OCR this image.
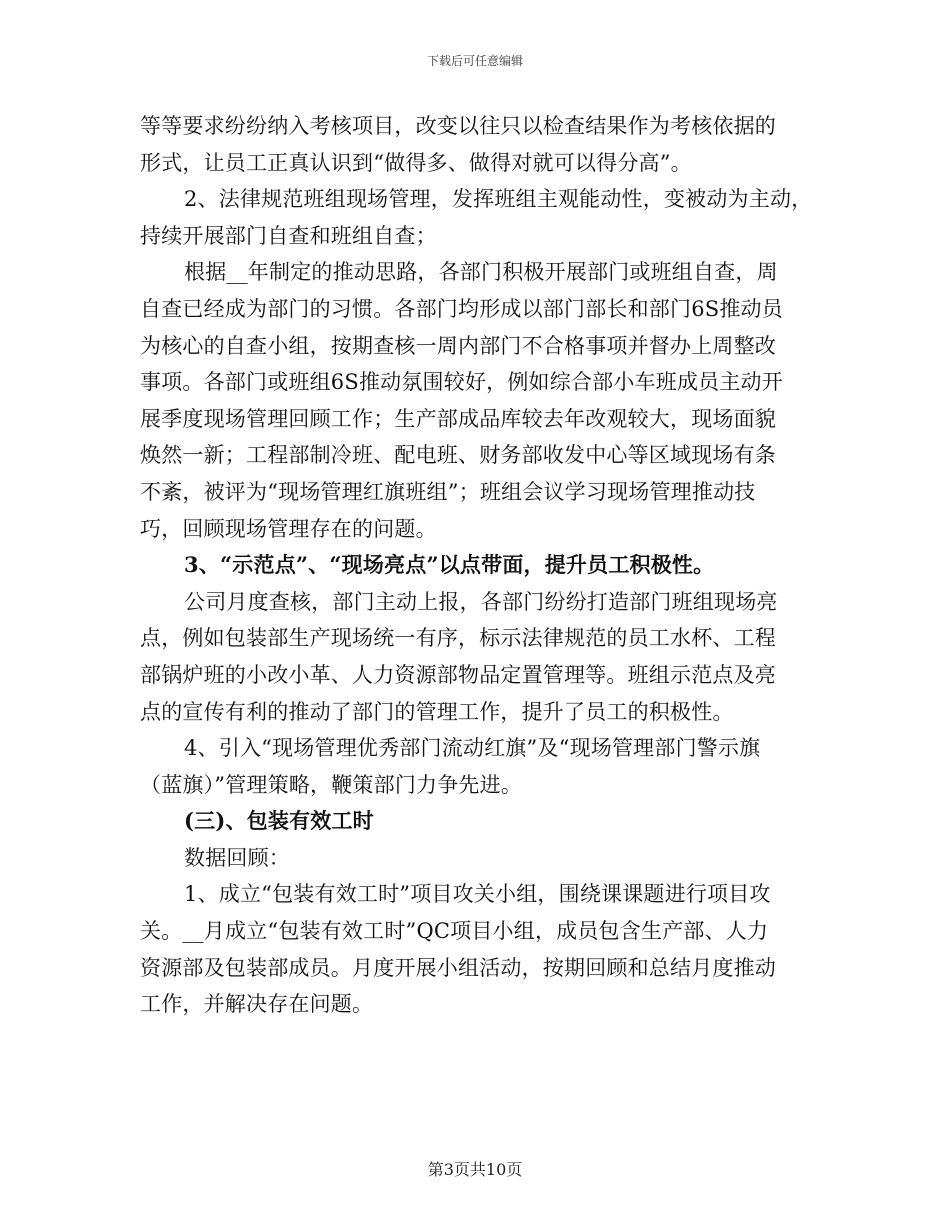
下载后可任意编辑
等等要求纷纷纳入考核项目，改变以往只以检查结果作为考核依据的
形式，让员工正真认识到“做得多、做得对就可以得分高”。
2、法律规范班组现场管理，发挥班组主观能动性，变被动为主动，
持续开展部门自查和班组自查；
根据__年制定的推动思路，各部门积极开展部门或班组自查，周
自查已经成为部门的习惯。各部门均形成以部门部长和部门6S推动员
为核心的自查小组，按期查核一周内部门不合格事项并督办上周整改
事项。各部门或班组6S推动氛围较好，例如综合部小车班成员主动开
展季度现场管理回顾工作；生产部成品库较去年改观较大，现场面貌
焕然一新；工程部制冷班、配电班、财务部收发中心等区域现场有条
不紊，被评为“现场管理红旗班组”；班组会议学习现场管理推动技
巧，回顾现场管理存在的问题。
3、“示范点”、“现场亮点”以点带面，提升员工积极性。
公司月度查核，部门主动上报，各部门纷纷打造部门班组现场亮
点，例如包装部生产现场统一有序，标示法律规范的员工水杯、工程
部锅炉班的小改小革、人力资源部物品定置管理等。班组示范点及亮
点的宣传有利的推动了部门的管理工作，提升了员工的积极性。
4、引入“现场管理优秀部门流动红旗”及“现场管理部门警示旗
（蓝旗）”管理策略，鞭策部门力争先进。
(三)、包装有效工时
数据回顾：
1、成立“包装有效工时”项目攻关小组，围绕课课题进行项目攻
关。__月成立“包装有效工时”QC项目小组，成员包含生产部、人力
资源部及包装部成员。月度开展小组活动，按期回顾和总结月度推动
工作，并解决存在问题。
第3页共10页
